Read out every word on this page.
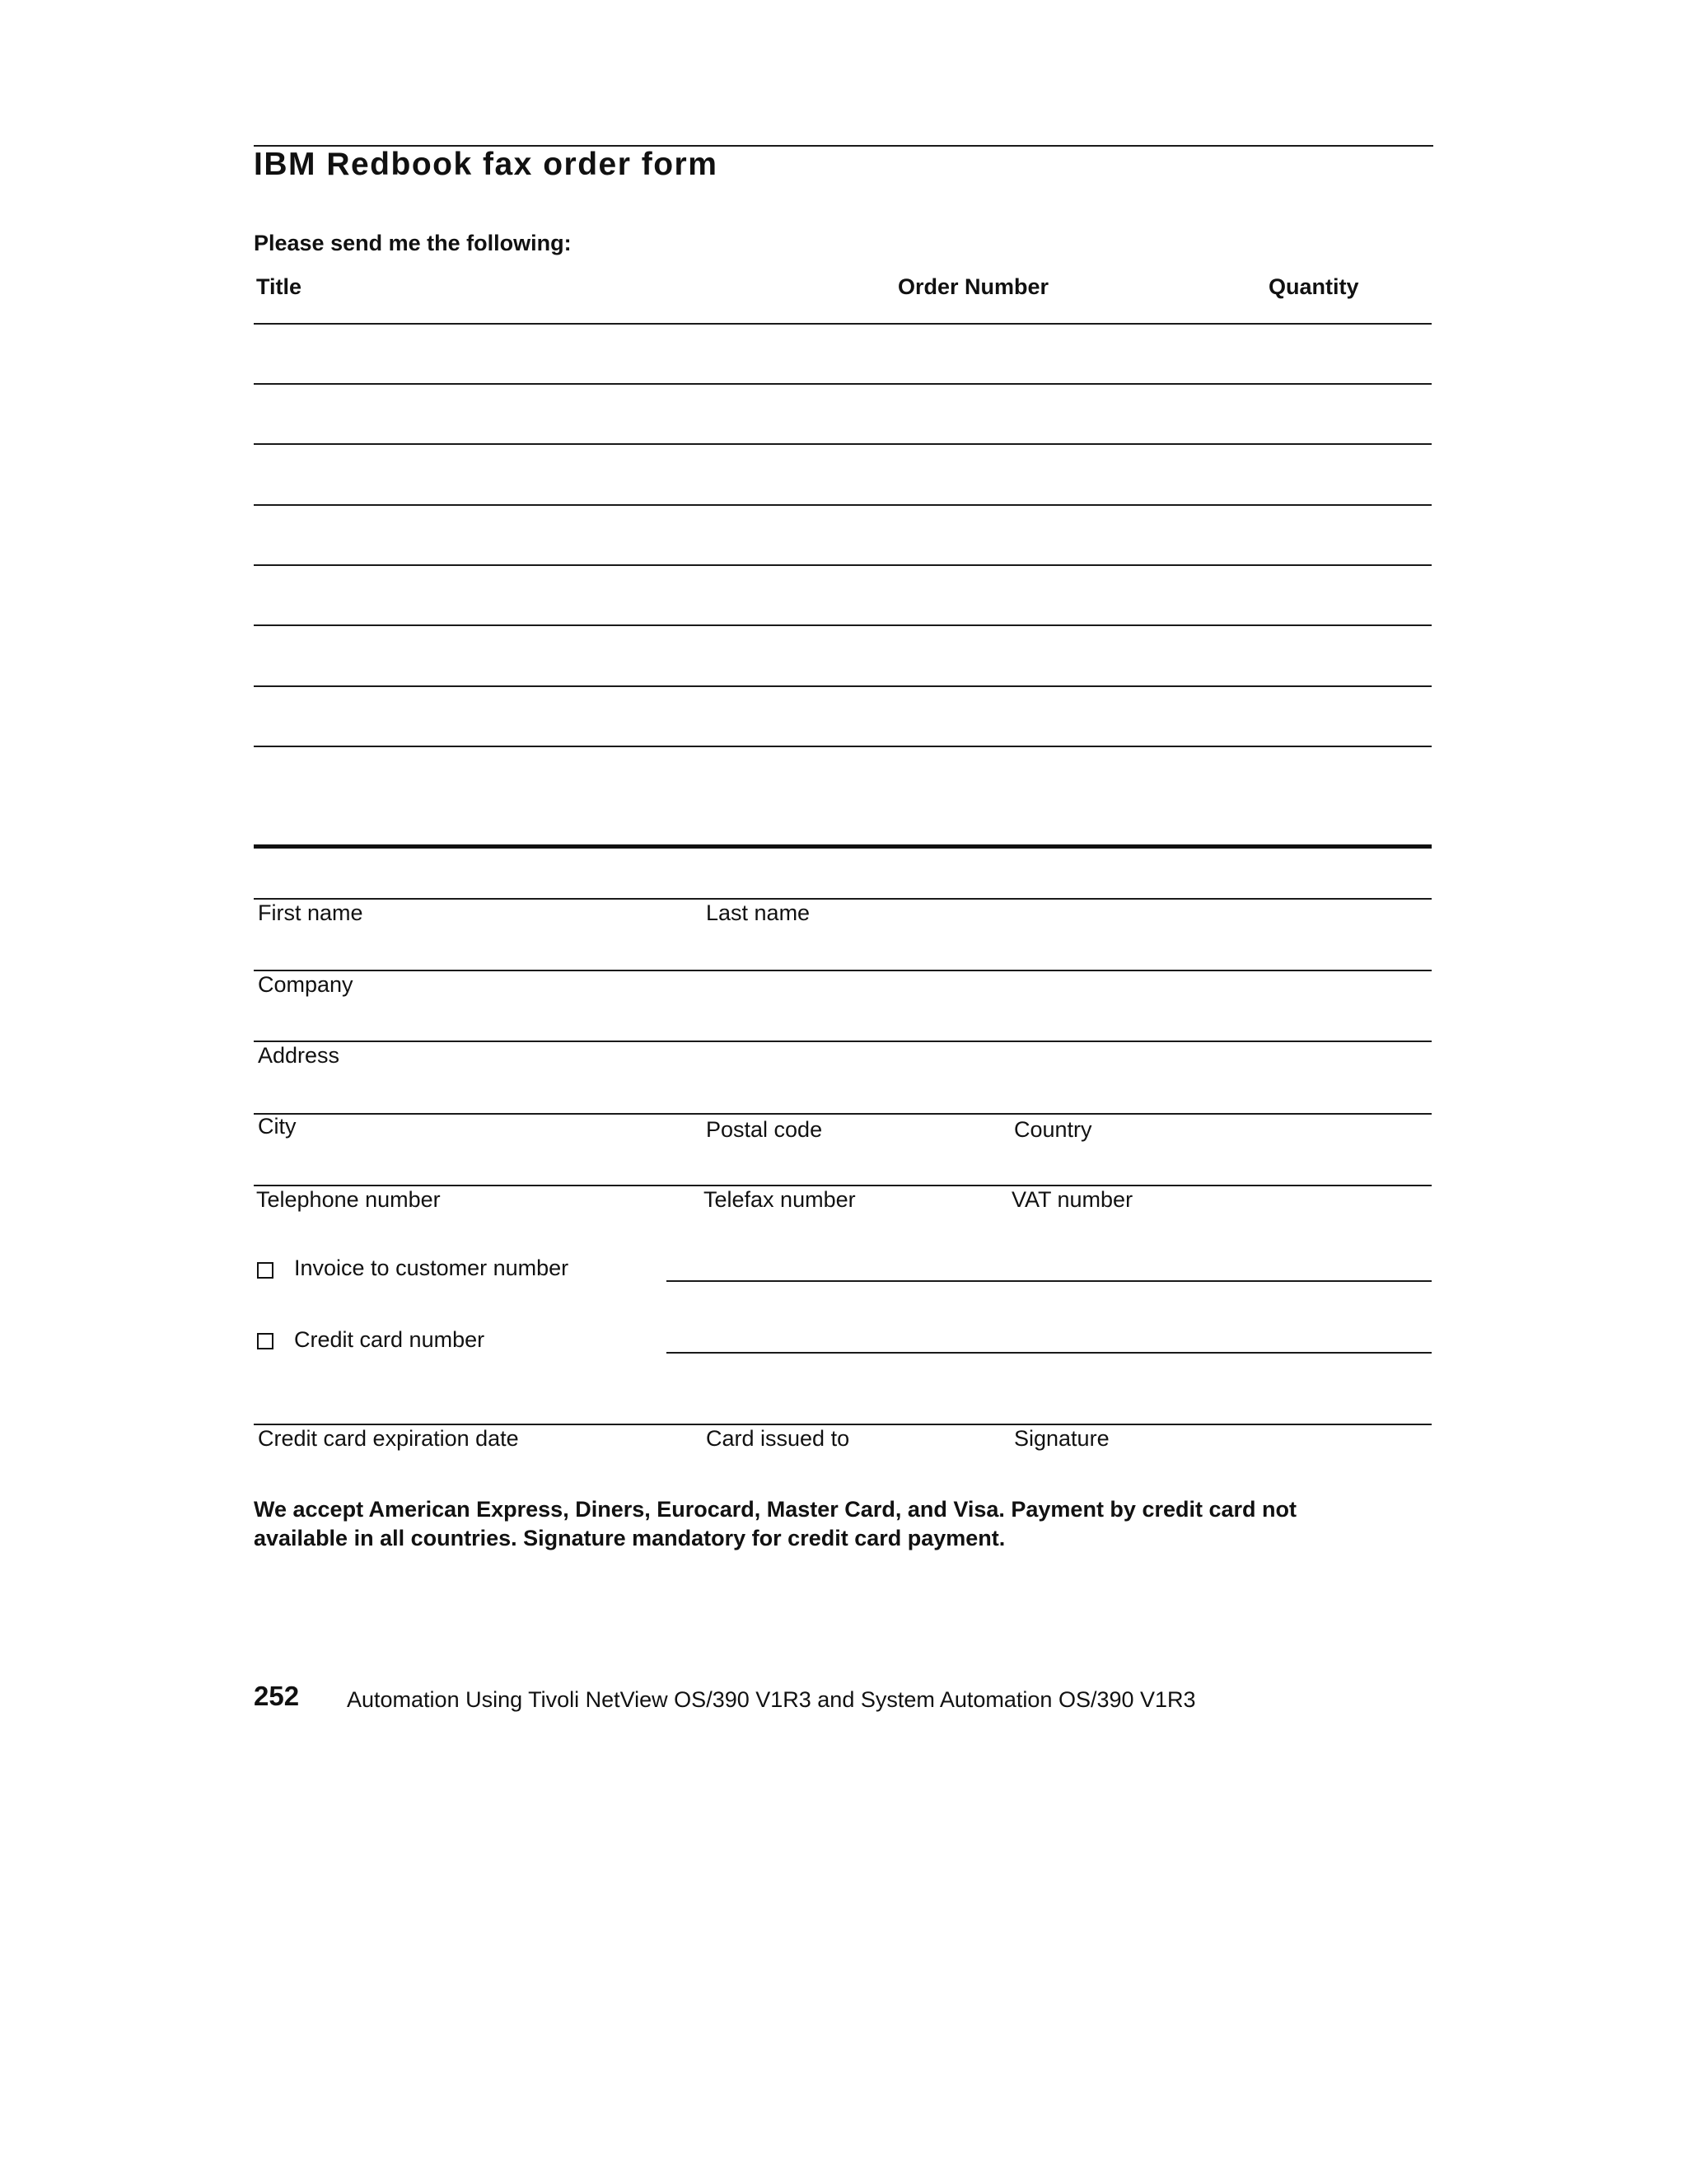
IBM Redbook fax order form
Please send me the following:
Title	Order Number	Quantity
First name	Last name
Company
Address
City	Postal code	Country
Telephone number	Telefax number	VAT number
Invoice to customer number
Credit card number
Credit card expiration date	Card issued to	Signature
We accept American Express, Diners, Eurocard, Master Card, and Visa. Payment by credit card not
available in all countries. Signature mandatory for credit card payment.
252 Automation Using Tivoli NetView OS/390 V1R3 and System Automation OS/390 V1R3
